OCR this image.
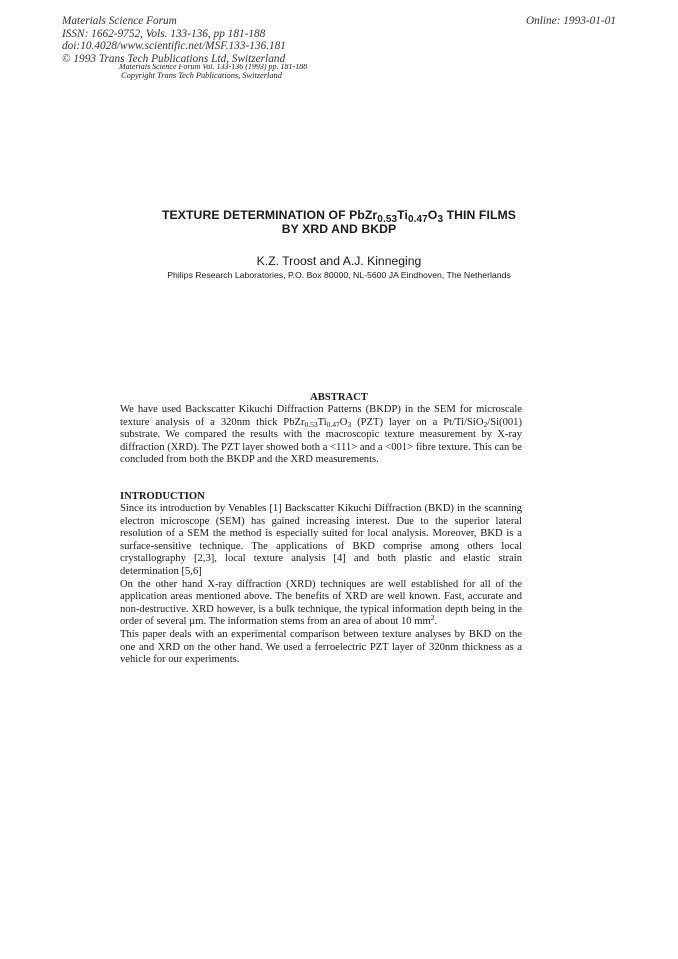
Materials Science Forum
ISSN: 1662-9752, Vols. 133-136, pp 181-188
doi:10.4028/www.scientific.net/MSF.133-136.181
© 1993 Trans Tech Publications Ltd, Switzerland
Online: 1993-01-01
Materials Science Forum Vol. 133-136 (1993) pp. 181-188
Copyright Trans Tech Publications, Switzerland
TEXTURE DETERMINATION OF $PbZr_{0.53}Ti_{0.47}O_3$ THIN FILMS
BY XRD AND BKDP
K.Z. Troost and A.J. Kinneging
Philips Research Laboratories, P.O. Box 80000, NL-5600 JA Eindhoven, The Netherlands
ABSTRACT

We have used Backscatter Kikuchi Diffraction Patterns (BKDP) in the SEM for microscale texture analysis of a 320nm thick $PbZr_{0.53}Ti_{0.47}O_3$ (PZT) layer on a Pt/Ti/SiO$_2$/Si(001) substrate. We compared the results with the macroscopic texture measurement by X-ray diffraction (XRD). The PZT layer showed both a <111> and a <001> fibre texture. This can be concluded from both the BKDP and the XRD measurements.

INTRODUCTION

Since its introduction by Venables [1] Backscatter Kikuchi Diffraction (BKD) in the scanning electron microscope (SEM) has gained increasing interest. Due to the superior lateral resolution of a SEM the method is especially suited for local analysis. Moreover, BKD is a surface-sensitive technique. The applications of BKD comprise among others local crystallography [2,3], local texture analysis [4] and both plastic and elastic strain determination [5,6]

On the other hand X-ray diffraction (XRD) techniques are well established for all of the application areas mentioned above. The benefits of XRD are well known. Fast, accurate and non-destructive. XRD however, is a bulk technique, the typical information depth being in the order of several µm. The information stems from an area of about 10 $mm^2$.

This paper deals with an experimental comparison between texture analyses by BKD on the one and XRD on the other hand. We used a ferroelectric PZT layer of 320nm thickness as a vehicle for our experiments.
